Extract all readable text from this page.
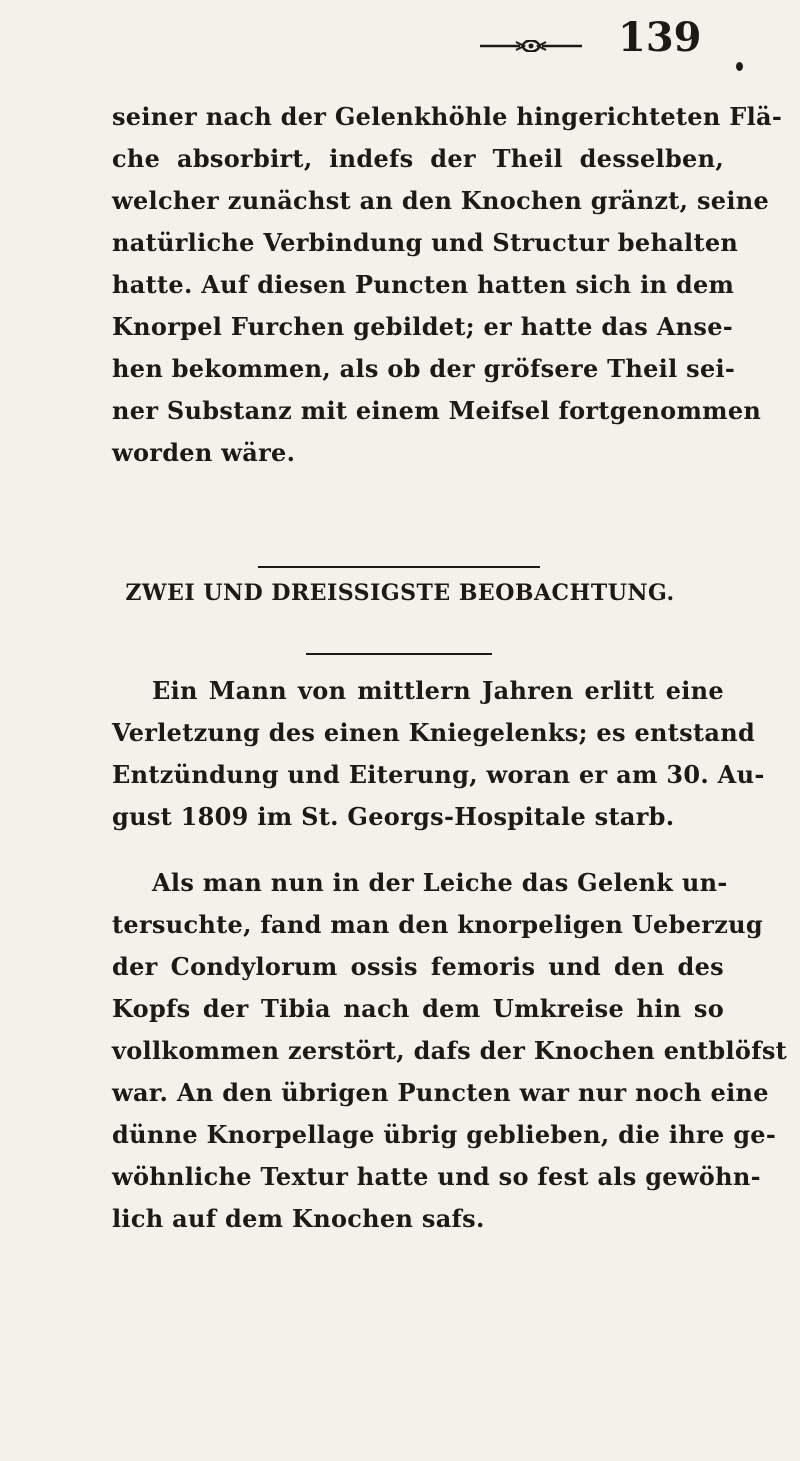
139
seiner nach der Gelenkhöhle hingerichteten Flä-
che absorbirt, indefs der Theil desselben,
welcher zunächst an den Knochen gränzt, seine
natürliche Verbindung und Structur behalten
hatte. Auf diesen Puncten hatten sich in dem
Knorpel Furchen gebildet; er hatte das Anse-
hen bekommen, als ob der gröfsere Theil sei-
ner Substanz mit einem Meifsel fortgenommen
worden wäre.
ZWEI UND DREISSIGSTE BEOBACHTUNG.
Ein Mann von mittlern Jahren erlitt eine
Verletzung des einen Kniegelenks; es entstand
Entzündung und Eiterung, woran er am 30. Au-
gust 1809 im St. Georgs-Hospitale starb.
Als man nun in der Leiche das Gelenk un-
tersuchte, fand man den knorpeligen Ueberzug
der Condylorum ossis femoris und den des
Kopfs der Tibia nach dem Umkreise hin so
vollkommen zerstört, dafs der Knochen entblöfst
war. An den übrigen Puncten war nur noch eine
dünne Knorpellage übrig geblieben, die ihre ge-
wöhnliche Textur hatte und so fest als gewöhn-
lich auf dem Knochen safs.
